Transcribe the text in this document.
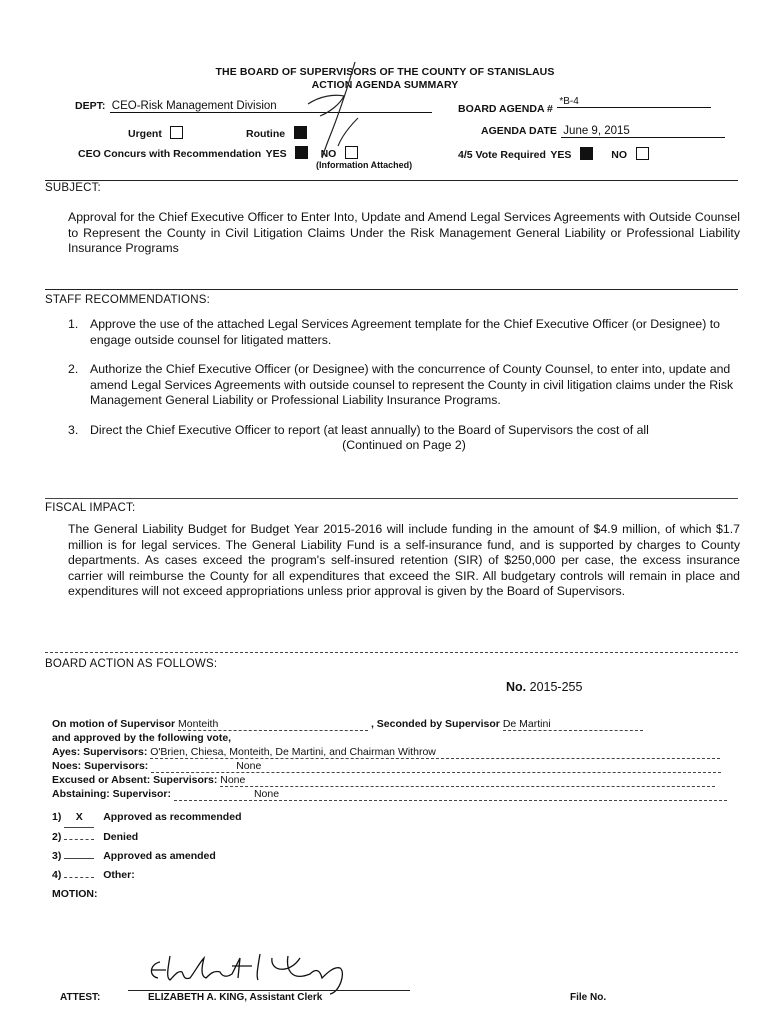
THE BOARD OF SUPERVISORS OF THE COUNTY OF STANISLAUS
ACTION AGENDA SUMMARY
DEPT: CEO-Risk Management Division	BOARD AGENDA # *B-4
Urgent	Routine	AGENDA DATE June 9, 2015
CEO Concurs with Recommendation YES	NO
(Information Attached)
4/5 Vote Required YES	NO
SUBJECT:
Approval for the Chief Executive Officer to Enter Into, Update and Amend Legal Services Agreements with Outside Counsel to Represent the County in Civil Litigation Claims Under the Risk Management General Liability or Professional Liability Insurance Programs
STAFF RECOMMENDATIONS:
1. Approve the use of the attached Legal Services Agreement template for the Chief Executive Officer (or Designee) to engage outside counsel for litigated matters.
2. Authorize the Chief Executive Officer (or Designee) with the concurrence of County Counsel, to enter into, update and amend Legal Services Agreements with outside counsel to represent the County in civil litigation claims under the Risk Management General Liability or Professional Liability Insurance Programs.
3. Direct the Chief Executive Officer to report (at least annually) to the Board of Supervisors the cost of all
(Continued on Page 2)
FISCAL IMPACT:
The General Liability Budget for Budget Year 2015-2016 will include funding in the amount of $4.9 million, of which $1.7 million is for legal services. The General Liability Fund is a self-insurance fund, and is supported by charges to County departments. As cases exceed the program's self-insured retention (SIR) of $250,000 per case, the excess insurance carrier will reimburse the County for all expenditures that exceed the SIR. All budgetary controls will remain in place and expenditures will not exceed appropriations unless prior approval is given by the Board of Supervisors.
BOARD ACTION AS FOLLOWS:
No. 2015-255
On motion of Supervisor Monteith	, Seconded by Supervisor De Martini
and approved by the following vote,
Ayes: Supervisors: O'Brien, Chiesa, Monteith, De Martini, and Chairman Withrow
Noes: Supervisors:	None
Excused or Absent: Supervisors: None
Abstaining: Supervisor:	None
1) X Approved as recommended
2)	Denied
3)	Approved as amended
4)	Other:
MOTION:
ATTEST:	ELIZABETH A. KING, Assistant Clerk	File No.
